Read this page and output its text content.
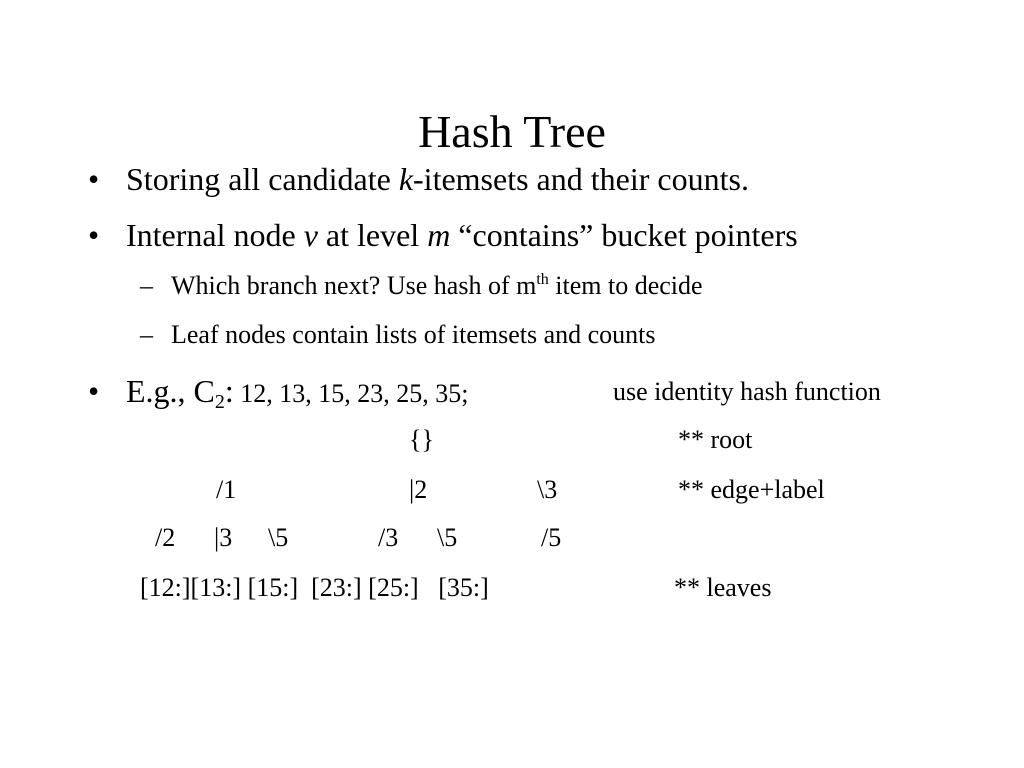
Hash Tree
• Storing all candidate k-itemsets and their counts.
• Internal node v at level m “contains” bucket pointers
– Which branch next? Use hash of $m^{th}$ item to decide
– Leaf nodes contain lists of itemsets and counts
• E.g., C2: 12, 13, 15, 23, 25, 35;	use identity hash function
{}	** root
/1	|2	\3	** edge+label
/2 |3 \5	/3 \5	/5
[12:][13:] [15:]  [23:] [25:]   [35:]	** leaves
